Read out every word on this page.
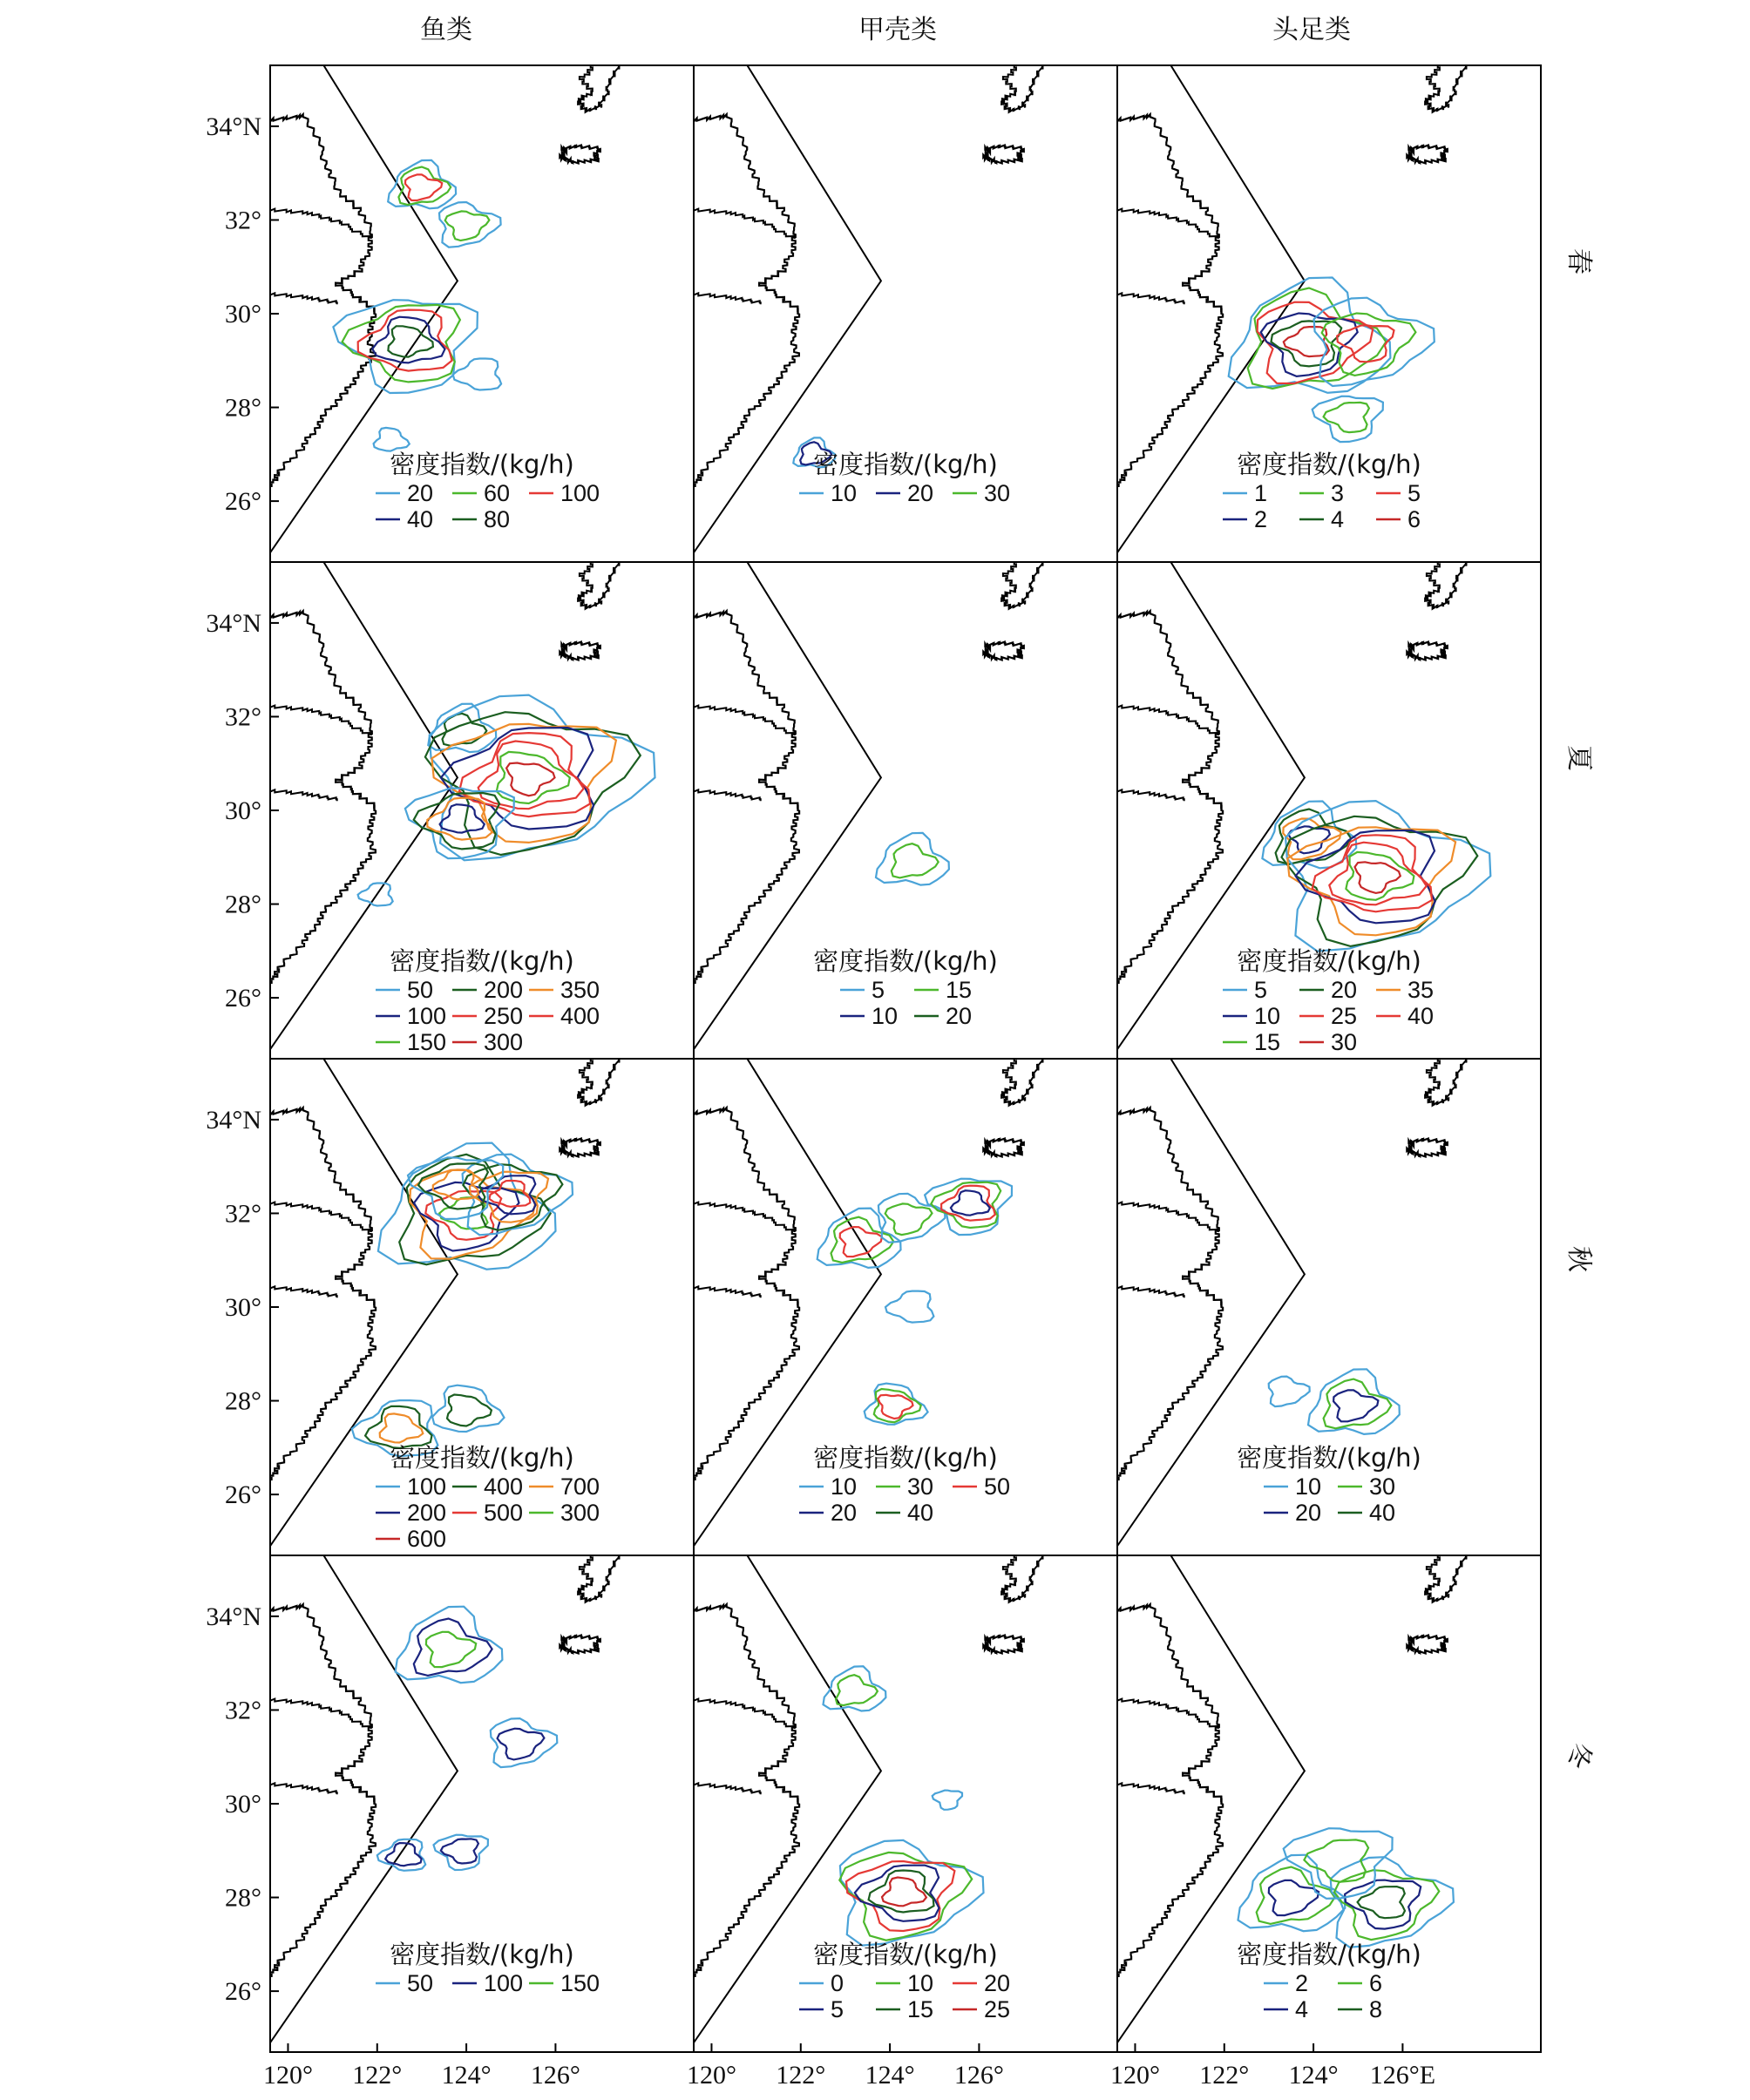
鱼类	甲壳类	头足类
春
夏
秋
冬
密度指数/(kg/h)
20 60 100
40 80
密度指数/(kg/h)
10 20 30
密度指数/(kg/h)
1	3	5
2	4	6
密度指数/(kg/h)
50 200 350
100 250 400
150 300
密度指数/(kg/h)
5	15
10 20
密度指数/(kg/h)
5	20 35
10 25 40
15 30
密度指数/(kg/h)
100 400 700
200 500 300
600
密度指数/(kg/h)
10 30 50
20 40
密度指数/(kg/h)
10 30
20 40
密度指数/(kg/h)
50 100 150
密度指数/(kg/h)
0	10 20
5	15 25
密度指数/(kg/h)
2	6
4	8
34°N
32°
30°
28°
26°
34°N
32°
30°
28°
26°
34°N
32°
30°
28°
26°
34°N
32°
30°
28°
26°
120° 122° 124° 126°	120° 122° 124° 126°	120° 122° 124° 126°E
